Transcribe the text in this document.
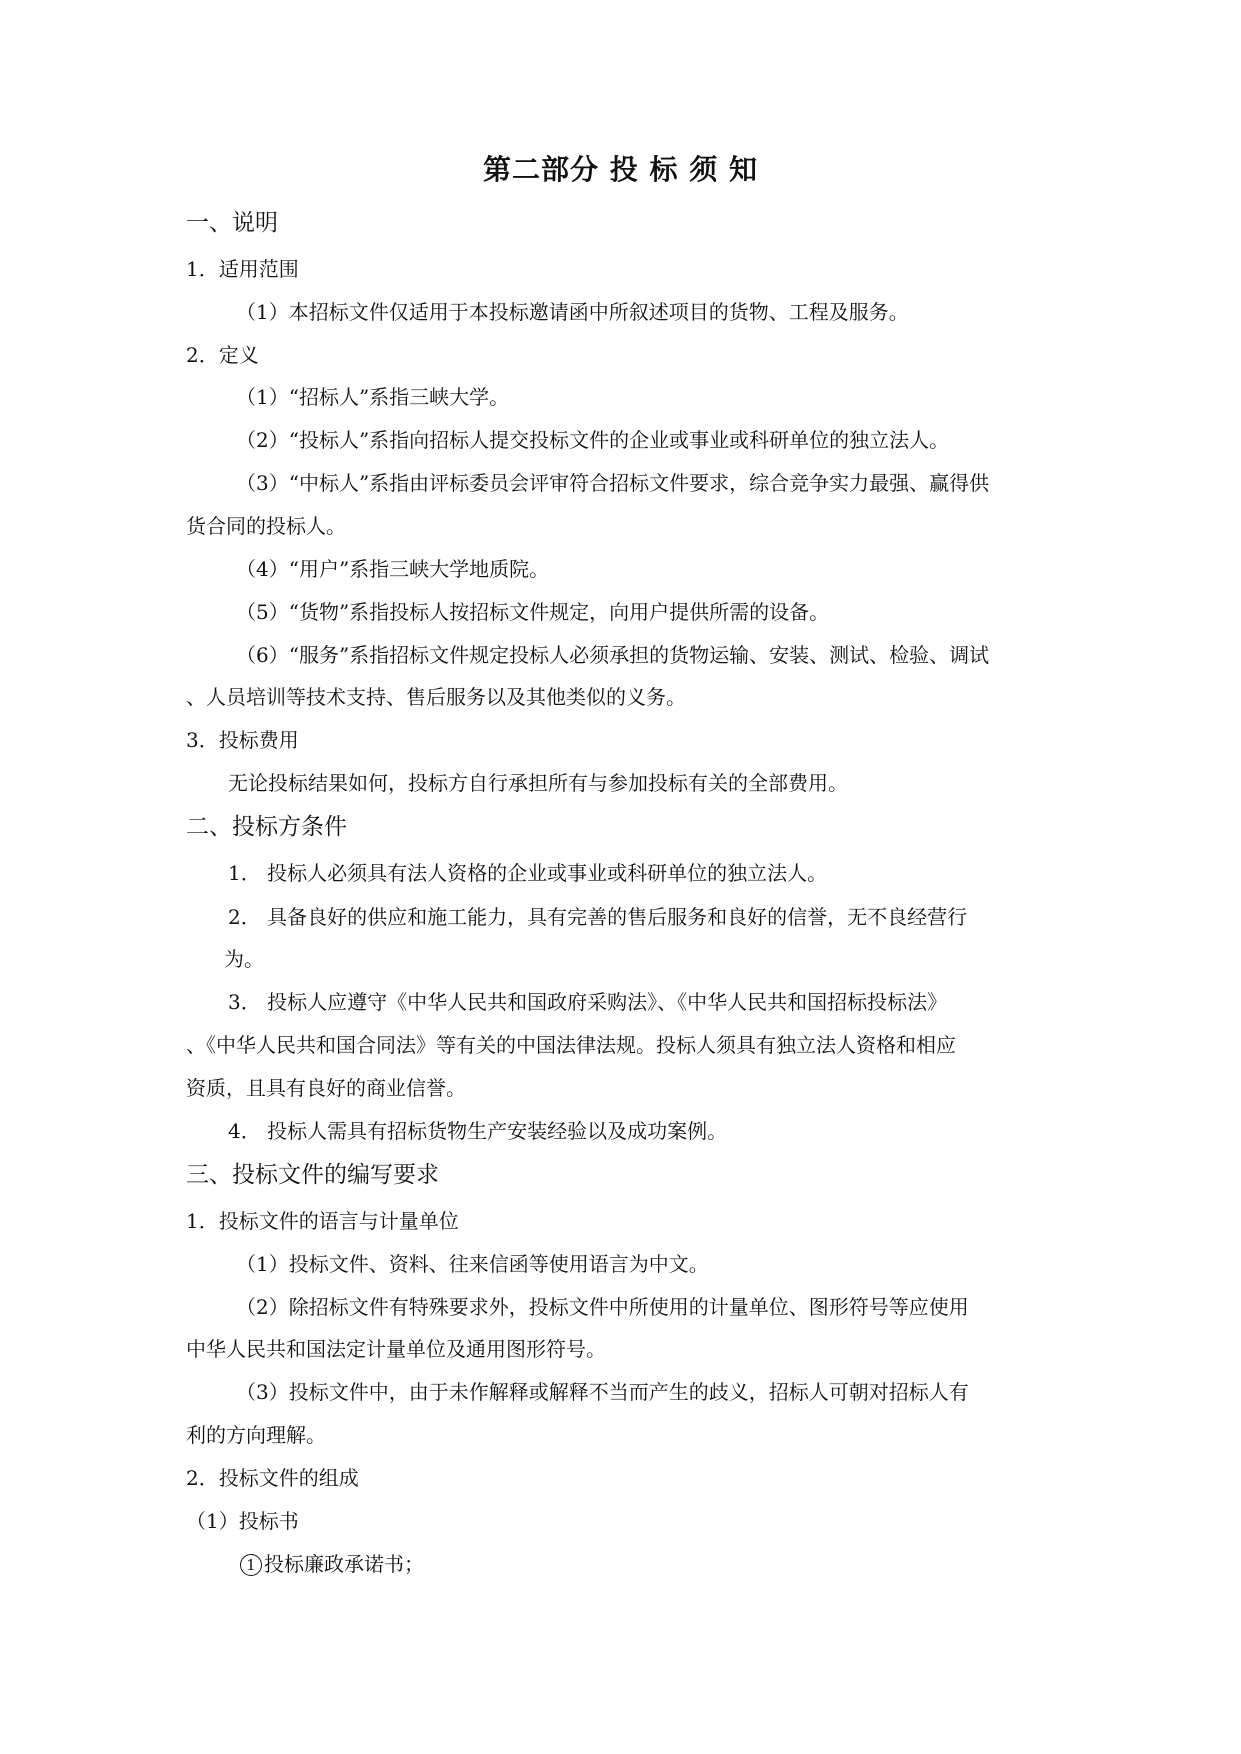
第二部分 投 标 须 知
一、说明
1．适用范围
（1）本招标文件仅适用于本投标邀请函中所叙述项目的货物、工程及服务。
2．定义
（1）“招标人”系指三峡大学。
（2）“投标人”系指向招标人提交投标文件的企业或事业或科研单位的独立法人。
（3）“中标人”系指由评标委员会评审符合招标文件要求，综合竞争实力最强、赢得供
货合同的投标人。
（4）“用户”系指三峡大学地质院。
（5）“货物”系指投标人按招标文件规定，向用户提供所需的设备。
（6）“服务”系指招标文件规定投标人必须承担的货物运输、安装、测试、检验、调试
、人员培训等技术支持、售后服务以及其他类似的义务。
3．投标费用
无论投标结果如何，投标方自行承担所有与参加投标有关的全部费用。
二、投标方条件
1． 投标人必须具有法人资格的企业或事业或科研单位的独立法人。
2． 具备良好的供应和施工能力，具有完善的售后服务和良好的信誉，无不良经营行
为。
3． 投标人应遵守《中华人民共和国政府采购法》、《中华人民共和国招标投标法》
、《中华人民共和国合同法》等有关的中国法律法规。投标人须具有独立法人资格和相应
资质，且具有良好的商业信誉。
4． 投标人需具有招标货物生产安装经验以及成功案例。
三、投标文件的编写要求
1．投标文件的语言与计量单位
（1）投标文件、资料、往来信函等使用语言为中文。
（2）除招标文件有特殊要求外，投标文件中所使用的计量单位、图形符号等应使用
中华人民共和国法定计量单位及通用图形符号。
（3）投标文件中，由于未作解释或解释不当而产生的歧义，招标人可朝对招标人有
利的方向理解。
2．投标文件的组成
（1）投标书
1 投标廉政承诺书；
